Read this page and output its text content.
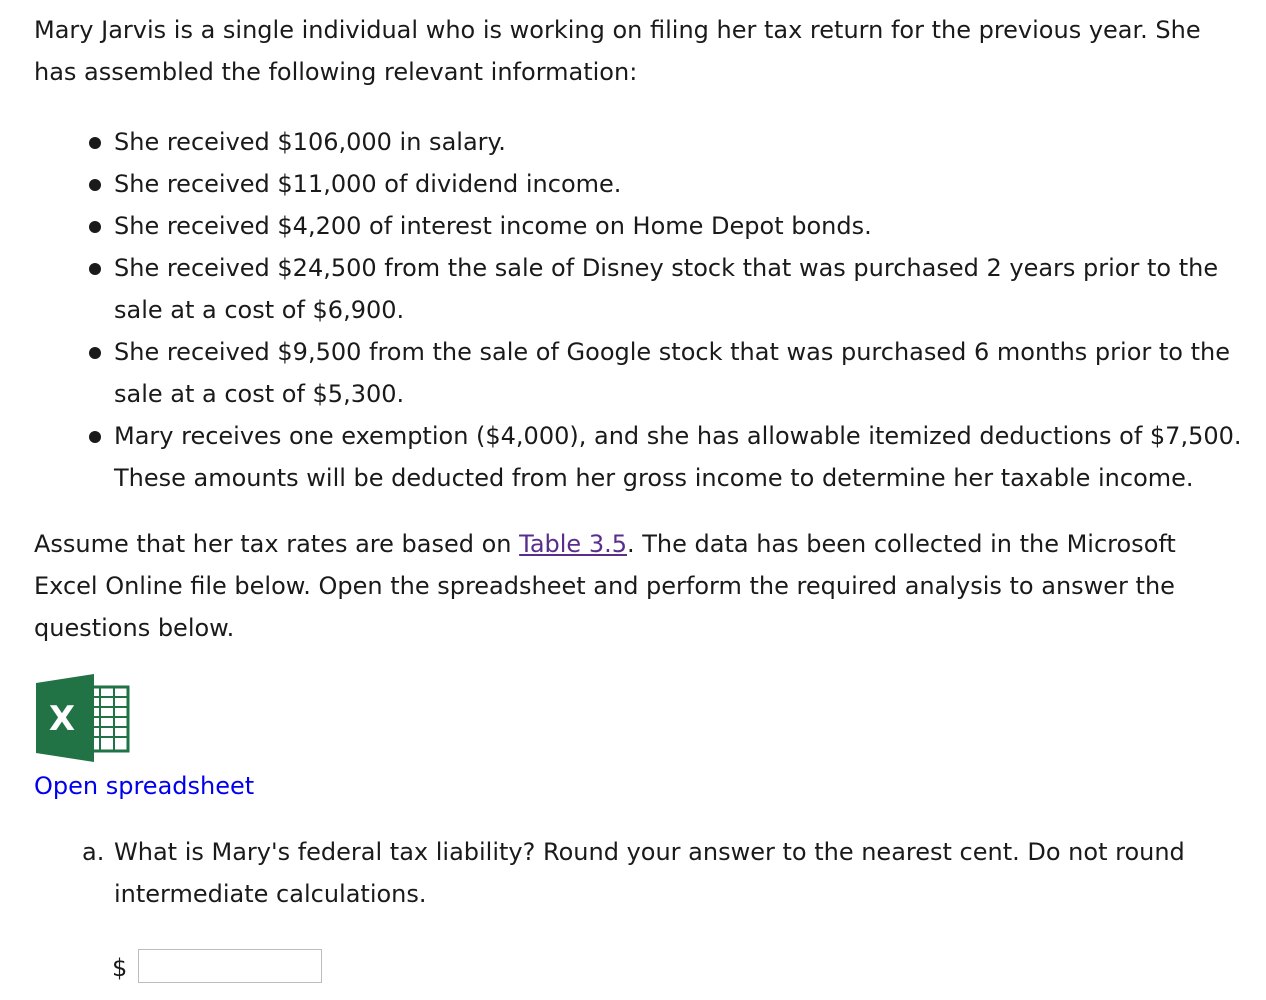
Mary Jarvis is a single individual who is working on filing her tax return for the previous year. She has assembled the following relevant information:

She received $106,000 in salary.
She received $11,000 of dividend income.
She received $4,200 of interest income on Home Depot bonds.
She received $24,500 from the sale of Disney stock that was purchased 2 years prior to the sale at a cost of $6,900.
She received $9,500 from the sale of Google stock that was purchased 6 months prior to the sale at a cost of $5,300.
Mary receives one exemption ($4,000), and she has allowable itemized deductions of $7,500. These amounts will be deducted from her gross income to determine her taxable income.

Assume that her tax rates are based on Table 3.5. The data has been collected in the Microsoft Excel Online file below. Open the spreadsheet and perform the required analysis to answer the questions below.

X
Open spreadsheet
a. What is Mary's federal tax liability? Round your answer to the nearest cent. Do not round intermediate calculations.

$
